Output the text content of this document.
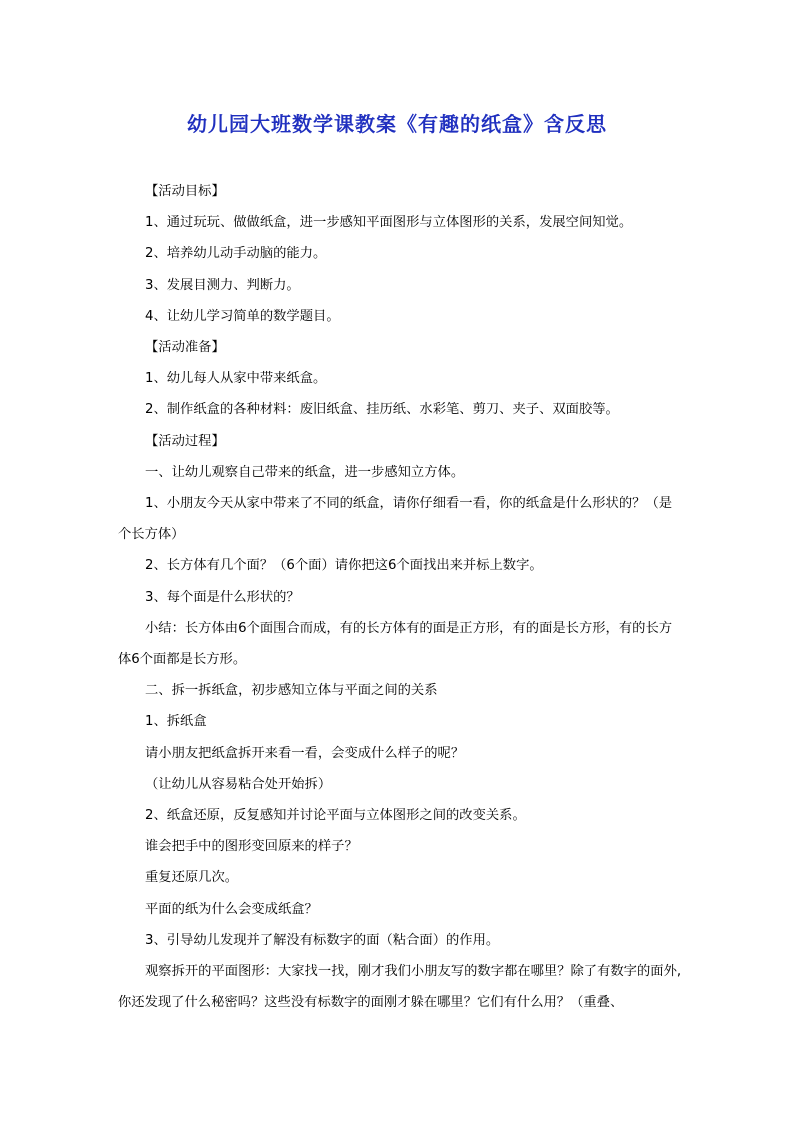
幼儿园大班数学课教案《有趣的纸盒》含反思

【活动目标】

1、通过玩玩、做做纸盒，进一步感知平面图形与立体图形的关系，发展空间知觉。

2、培养幼儿动手动脑的能力。

3、发展目测力、判断力。

4、让幼儿学习简单的数学题目。

【活动准备】

1、幼儿每人从家中带来纸盒。

2、制作纸盒的各种材料：废旧纸盒、挂历纸、水彩笔、剪刀、夹子、双面胶等。

【活动过程】

一、让幼儿观察自己带来的纸盒，进一步感知立方体。

1、小朋友今天从家中带来了不同的纸盒，请你仔细看一看，你的纸盒是什么形状的？（是个长方体）

2、长方体有几个面？（6个面）请你把这6个面找出来并标上数字。

3、每个面是什么形状的？

小结：长方体由6个面围合而成，有的长方体有的面是正方形，有的面是长方形，有的长方体6个面都是长方形。

二、拆一拆纸盒，初步感知立体与平面之间的关系

1、拆纸盒

请小朋友把纸盒拆开来看一看，会变成什么样子的呢？

（让幼儿从容易粘合处开始拆）

2、纸盒还原，反复感知并讨论平面与立体图形之间的改变关系。

谁会把手中的图形变回原来的样子？

重复还原几次。

平面的纸为什么会变成纸盒？

3、引导幼儿发现并了解没有标数字的面（粘合面）的作用。

观察拆开的平面图形：大家找一找，刚才我们小朋友写的数字都在哪里？除了有数字的面外,你还发现了什么秘密吗？这些没有标数字的面刚才躲在哪里？它们有什么用？（重叠、
